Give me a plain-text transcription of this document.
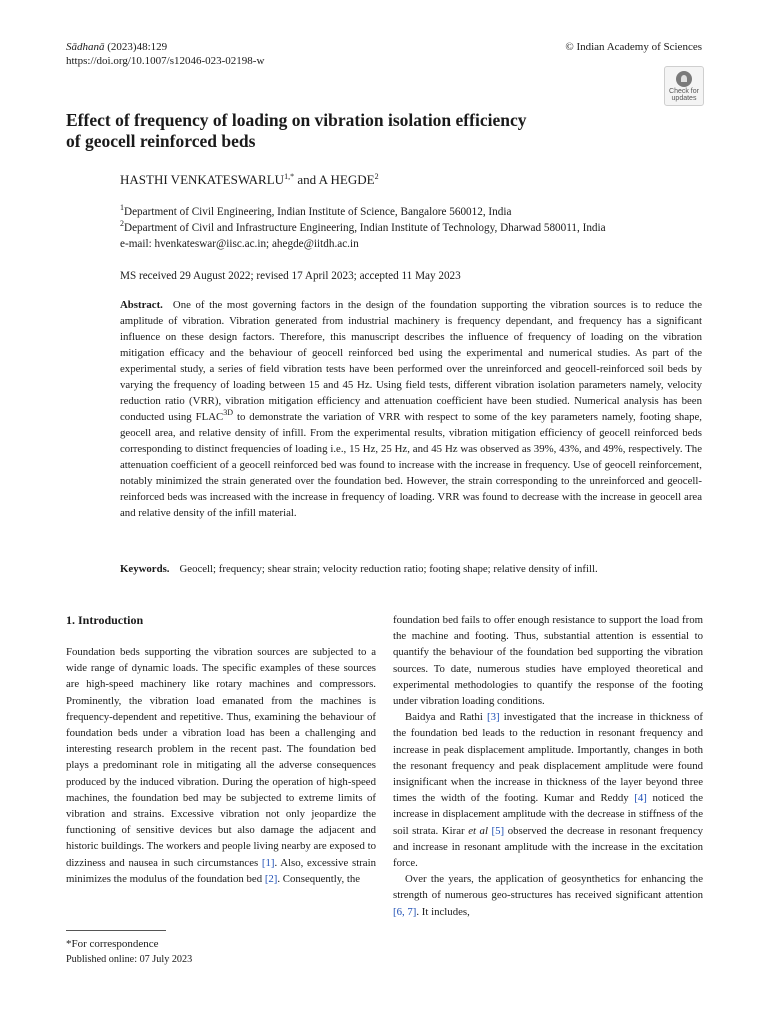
Sādhanā (2023)48:129
https://doi.org/10.1007/s12046-023-02198-w
© Indian Academy of Sciences
Check for
updates
Effect of frequency of loading on vibration isolation efficiency
of geocell reinforced beds
HASTHI $VENKATESWARLU^{1,*}$ and A HEGDE$^2$
$^1$Department of Civil Engineering, Indian Institute of Science, Bangalore 560012, India
$^2$Department of Civil and Infrastructure Engineering, Indian Institute of Technology, Dharwad 580011, India
e-mail: hvenkateswar@iisc.ac.in; ahegde@iitdh.ac.in
MS received 29 August 2022; revised 17 April 2023; accepted 11 May 2023
Abstract. One of the most governing factors in the design of the foundation supporting the vibration sources is to reduce the amplitude of vibration. Vibration generated from industrial machinery is frequency dependant, and frequency has a significant influence on these design factors. Therefore, this manuscript describes the influence of frequency of loading on the vibration mitigation efficacy and the behaviour of geocell reinforced bed using the experimental and numerical studies. As part of the experimental study, a series of field vibration tests have been performed over the unreinforced and geocell-reinforced soil beds by varying the frequency of loading between 15 and 45 Hz. Using field tests, different vibration isolation parameters namely, velocity reduction ratio (VRR), vibration mitigation efficiency and attenuation coefficient have been studied. Numerical analysis has been conducted using $FLAC^{3D}$ to demonstrate the variation of VRR with respect to some of the key parameters namely, footing shape, geocell area, and relative density of infill. From the experimental results, vibration mitigation efficiency of geocell reinforced beds corresponding to distinct frequencies of loading i.e., 15 Hz, 25 Hz, and 45 Hz was observed as 39%, 43%, and 49%, respectively. The attenuation coefficient of a geocell reinforced bed was found to increase with the increase in frequency. Use of geocell reinforcement, notably minimized the strain generated over the foundation bed. However, the strain corresponding to the unreinforced and geocell-reinforced beds was increased with the increase in frequency of loading. VRR was found to decrease with the increase in geocell area and relative density of the infill material.
Keywords. Geocell; frequency; shear strain; velocity reduction ratio; footing shape; relative density of infill.
1. Introduction

Foundation beds supporting the vibration sources are subjected to a wide range of dynamic loads. The specific examples of these sources are high-speed machinery like rotary machines and compressors. Prominently, the vibration load emanated from the machines is frequency-dependent and repetitive. Thus, examining the behaviour of foundation beds under a vibration load has been a challenging and interesting research problem in the recent past. The foundation bed plays a predominant role in mitigating all the adverse consequences produced by the induced vibration. During the operation of high-speed machines, the foundation bed may be subjected to extreme limits of vibration and strains. Excessive vibration not only jeopardize the functioning of sensitive devices but also damage the adjacent and historic buildings. The workers and people living nearby are exposed to dizziness and nausea in such circumstances [1]. Also, excessive strain minimizes the modulus of the foundation bed [2]. Consequently, the

foundation bed fails to offer enough resistance to support the load from the machine and footing. Thus, substantial attention is essential to quantify the behaviour of the foundation bed supporting the vibration sources. To date, numerous studies have employed theoretical and experimental methodologies to quantify the response of the footing under vibration loading conditions.

Baidya and Rathi [3] investigated that the increase in thickness of the foundation bed leads to the reduction in resonant frequency and increase in peak displacement amplitude. Importantly, changes in both the resonant frequency and peak displacement amplitude were found insignificant when the increase in thickness of the layer beyond three times the width of the footing. Kumar and Reddy [4] noticed the increase in displacement amplitude with the decrease in stiffness of the soil strata. Kirar et al [5] observed the decrease in resonant frequency and increase in resonant amplitude with the increase in the excitation force.

Over the years, the application of geosynthetics for enhancing the strength of numerous geo-structures has received significant attention [6, 7]. It includes,

*For correspondence
Published online: 07 July 2023
